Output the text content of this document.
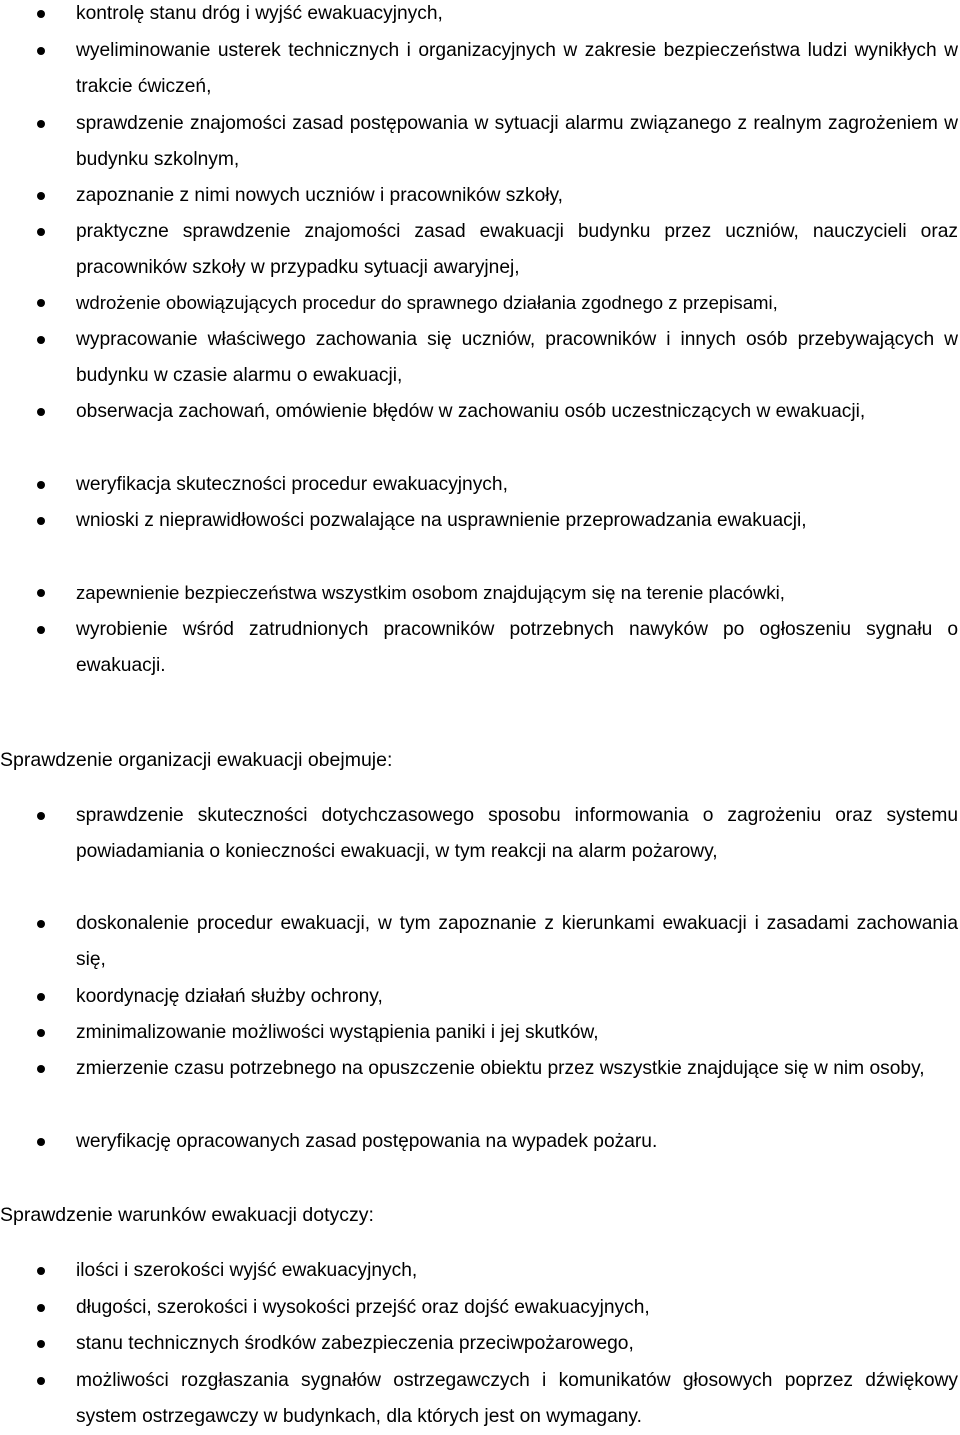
kontrolę stanu dróg i wyjść ewakuacyjnych,
wyeliminowanie usterek technicznych i organizacyjnych w zakresie bezpieczeństwa ludzi wynikłych w trakcie ćwiczeń,
sprawdzenie znajomości zasad postępowania w sytuacji alarmu związanego z realnym zagrożeniem w budynku szkolnym,
zapoznanie z nimi nowych uczniów i pracowników szkoły,
praktyczne sprawdzenie znajomości zasad ewakuacji budynku przez uczniów, nauczycieli oraz pracowników szkoły w przypadku sytuacji awaryjnej,
wdrożenie obowiązujących procedur do sprawnego działania zgodnego z przepisami,
wypracowanie właściwego zachowania się uczniów, pracowników i innych osób przebywających w budynku w czasie alarmu o ewakuacji,
obserwacja zachowań, omówienie błędów w zachowaniu osób uczestniczących w ewakuacji,
weryfikacja skuteczności procedur ewakuacyjnych,
wnioski z nieprawidłowości pozwalające na usprawnienie przeprowadzania ewakuacji,
zapewnienie bezpieczeństwa wszystkim osobom znajdującym się na terenie placówki,
wyrobienie wśród zatrudnionych pracowników potrzebnych nawyków po ogłoszeniu sygnału o ewakuacji.

Sprawdzenie organizacji ewakuacji obejmuje:

sprawdzenie skuteczności dotychczasowego sposobu informowania o zagrożeniu oraz systemu powiadamiania o konieczności ewakuacji, w tym reakcji na alarm pożarowy,
doskonalenie procedur ewakuacji, w tym zapoznanie z kierunkami ewakuacji i zasadami zachowania się,
koordynację działań służby ochrony,
zminimalizowanie możliwości wystąpienia paniki i jej skutków,
zmierzenie czasu potrzebnego na opuszczenie obiektu przez wszystkie znajdujące się w nim osoby,
weryfikację opracowanych zasad postępowania na wypadek pożaru.

Sprawdzenie warunków ewakuacji dotyczy:

ilości i szerokości wyjść ewakuacyjnych,
długości, szerokości i wysokości przejść oraz dojść ewakuacyjnych,
stanu technicznych środków zabezpieczenia przeciwpożarowego,
możliwości rozgłaszania sygnałów ostrzegawczych i komunikatów głosowych poprzez dźwiękowy system ostrzegawczy w budynkach, dla których jest on wymagany.
